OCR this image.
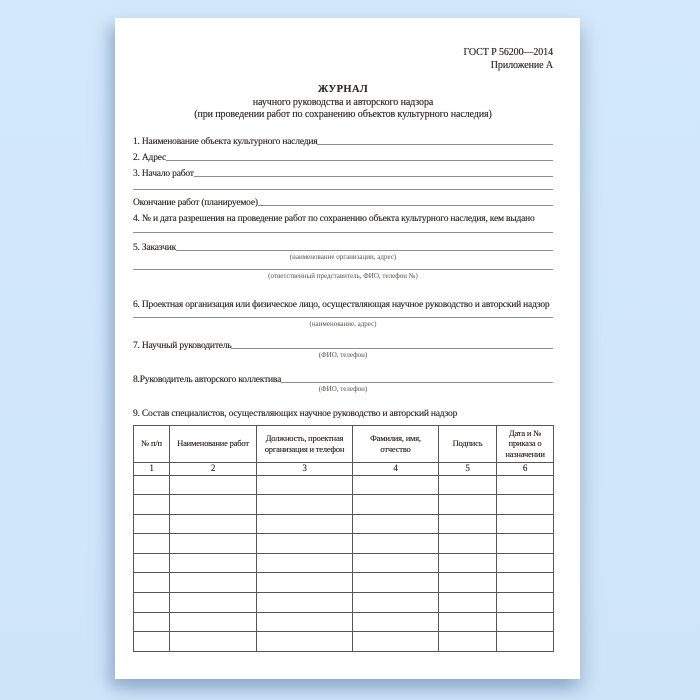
ГОСТ Р 56200—2014
Приложение А
ЖУРНАЛ
научного руководства и авторского надзора
(при проведении работ по сохранению объектов культурного наследия)
1. Наименование объекта культурного наследия
2. Адрес
3. Начало работ
Окончание работ (планируемое)
4. № и дата разрешения на проведение работ по сохранению объекта культурного наследия, кем выдано
5. Заказчик
(наименование организации, адрес)
(ответственный представитель, ФИО, телефон №)
6. Проектная организация или физическое лицо, осуществляющая научное руководство и авторский надзор
(наименование, адрес)
7. Научный руководитель
(ФИО, телефон)
8.Руководитель авторского коллектива
(ФИО, телефон)
9. Состав специалистов, осуществляющих научное руководство и авторский надзор
№ п/п	Наименование работ	Должность, проектная организация и телефон	Фамилия, имя, отчество	Подпись	Дата и № приказа о назначении
1	2	3	4	5	6
